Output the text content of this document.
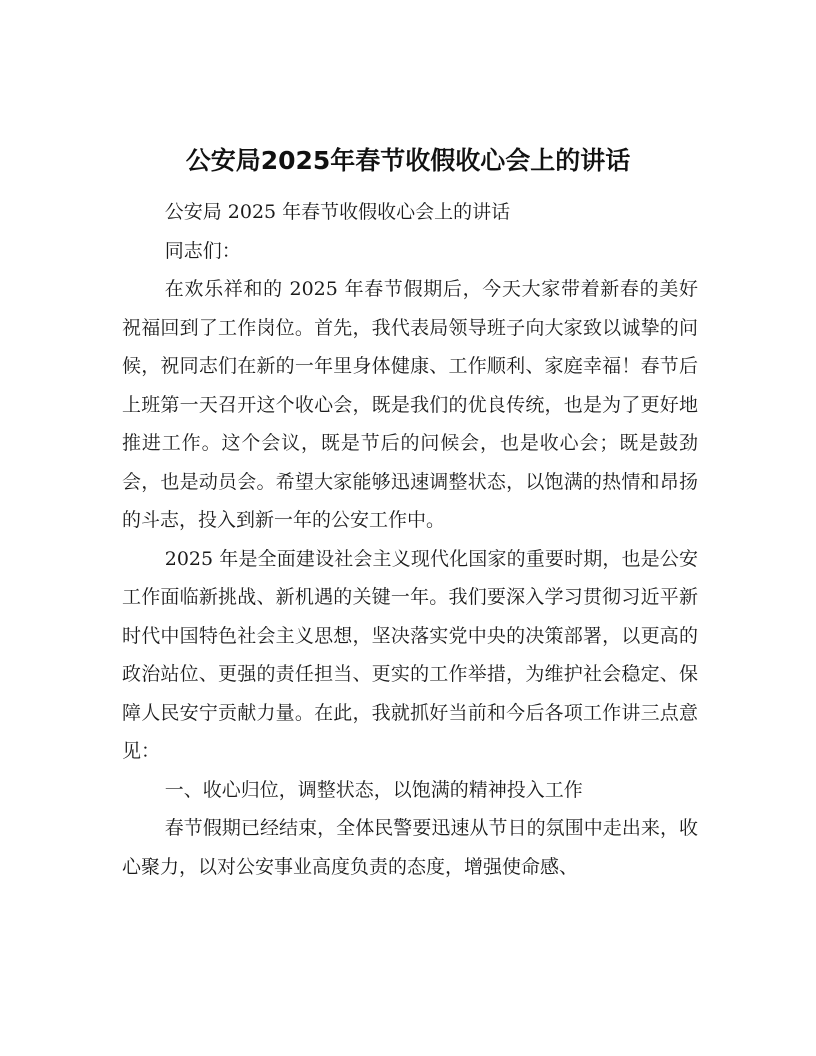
公安局2025年春节收假收心会上的讲话

公安局 2025 年春节收假收心会上的讲话

同志们：

在欢乐祥和的 2025 年春节假期后，今天大家带着新春的美好祝福回到了工作岗位。首先，我代表局领导班子向大家致以诚挚的问候，祝同志们在新的一年里身体健康、工作顺利、家庭幸福！春节后上班第一天召开这个收心会，既是我们的优良传统，也是为了更好地推进工作。这个会议，既是节后的问候会，也是收心会；既是鼓劲会，也是动员会。希望大家能够迅速调整状态，以饱满的热情和昂扬的斗志，投入到新一年的公安工作中。

2025 年是全面建设社会主义现代化国家的重要时期，也是公安工作面临新挑战、新机遇的关键一年。我们要深入学习贯彻习近平新时代中国特色社会主义思想，坚决落实党中央的决策部署，以更高的政治站位、更强的责任担当、更实的工作举措，为维护社会稳定、保障人民安宁贡献力量。在此，我就抓好当前和今后各项工作讲三点意见：

一、收心归位，调整状态，以饱满的精神投入工作

春节假期已经结束，全体民警要迅速从节日的氛围中走出来，收心聚力，以对公安事业高度负责的态度，增强使命感、
